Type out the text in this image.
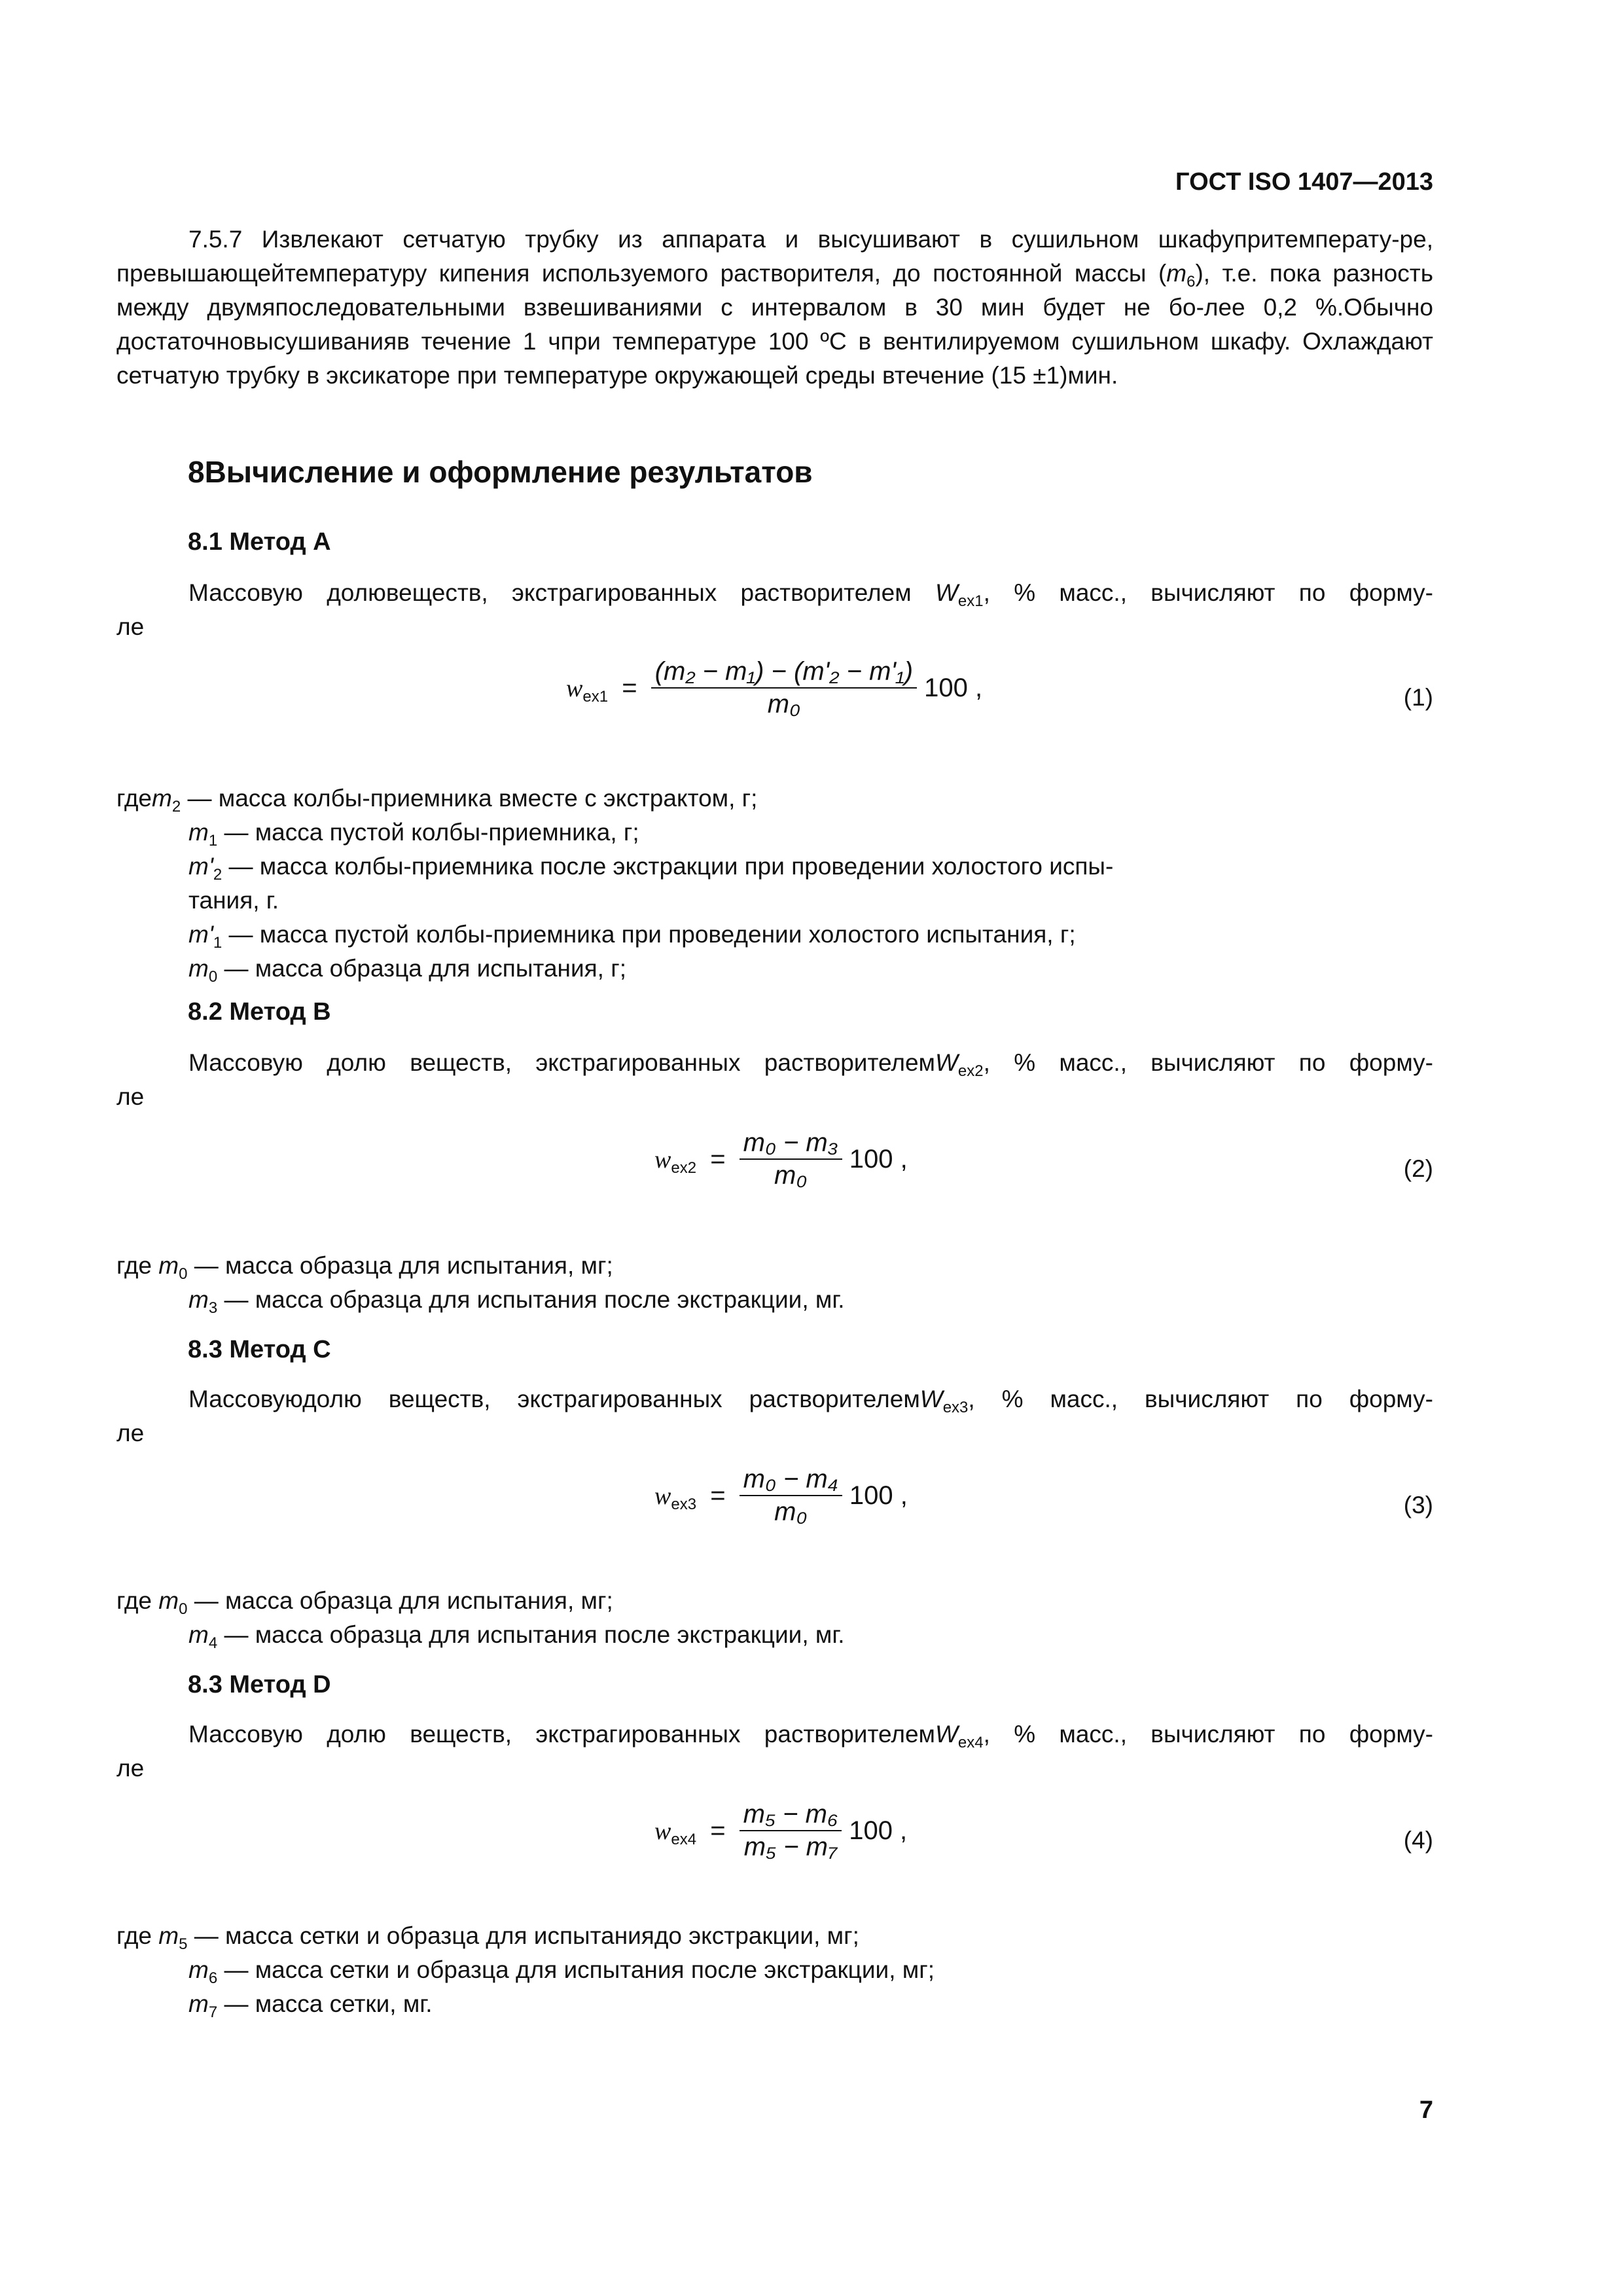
ГОСТ ISO 1407—2013

7.5.7 Извлекают сетчатую трубку из аппарата и высушивают в сушильном шкафупритемперату-ре, превышающейтемпературу кипения используемого растворителя, до постоянной массы $(m_6)$, т.е. пока разность между двумяпоследовательными взвешиваниями с интервалом в 30 мин будет не бо-лее 0,2 %.Обычно достаточновысушиванияв течение 1 чпри температуре 100 ºС в вентилируемом сушильном шкафу. Охлаждают сетчатую трубку в эксикаторе при температуре окружающей среды втечение (15 ±1)мин.

8Вычисление и оформление результатов
8.1 Метод А

Массовую долювеществ, экстрагированных растворителем $W_{ex1}$, % масс., вычисляют по форму-
ле

$w_{ex1} = \frac{\text{(m₂ − m₁) − (m'₂ − m'₁)}}{\text{m₀}} 100$ ,	(1)
гдеm$_2$ — масса колбы-приемника вместе с экстрактом, г;
$m_1$ — масса пустой колбы-приемника, г;
$m'_2$ — масса колбы-приемника после экстракции при проведении холостого испы-
тания, г.
$m'_1$ — масса пустой колбы-приемника при проведении холостого испытания, г;
$m_0$ — масса образца для испытания, г;
8.2 Метод В

Массовую долю веществ, экстрагированных растворителемW$_{ex2}$, % масс., вычисляют по форму-
ле

$w_{ex2} = \frac{\text{m₀ − m₃}}{\text{m₀}} 100$ ,	(2)
где $m_0$ — масса образца для испытания, мг;
$m_3$ — масса образца для испытания после экстракции, мг.
8.3 Метод С

Массовуюдолю веществ, экстрагированных растворителемW$_{ex3}$, % масс., вычисляют по форму-
ле

$w_{ex3} = \frac{\text{m₀ − m₄}}{\text{m₀}} 100$ ,	(3)
где $m_0$ — масса образца для испытания, мг;
$m_4$ — масса образца для испытания после экстракции, мг.
8.3 Метод D

Массовую долю веществ, экстрагированных растворителемW$_{ex4}$, % масс., вычисляют по форму-
ле

$w_{ex4} = \frac{\text{m₅ − m₆}}{\text{m₅ − m₇}} 100$ ,	(4)
где $m_5$ — масса сетки и образца для испытаниядо экстракции, мг;
$m_6$ — масса сетки и образца для испытания после экстракции, мг;
$m_7$ — масса сетки, мг.
7
